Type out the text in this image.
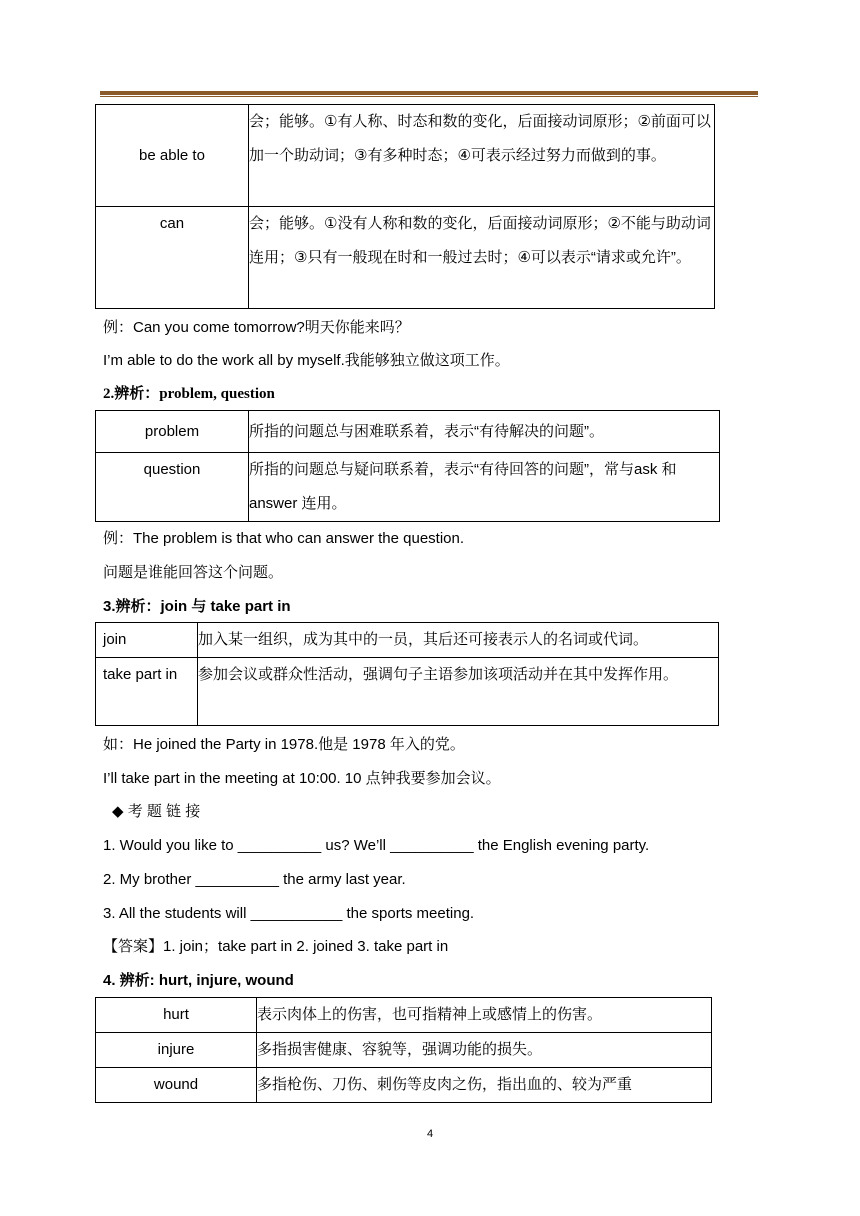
be able to	会；能够。①有人称、时态和数的变化，后面接动词原形；②前面可以加一个助动词；③有多种时态；④可表示经过努力而做到的事。
can	会；能够。①没有人称和数的变化，后面接动词原形；②不能与助动词连用；③只有一般现在时和一般过去时；④可以表示“请求或允许”。
例：Can you come tomorrow?明天你能来吗？
I’m able to do the work all by myself.我能够独立做这项工作。
2.辨析：problem, question
problem	所指的问题总与困难联系着，表示“有待解决的问题”。
question	所指的问题总与疑问联系着，表示“有待回答的问题”，常与ask 和 answer 连用。
例：The problem is that who can answer the question.
问题是谁能回答这个问题。
3.辨析：join 与 take part in
join	加入某一组织，成为其中的一员，其后还可接表示人的名词或代词。
take part in	参加会议或群众性活动，强调句子主语参加该项活动并在其中发挥作用。
如：He joined the Party in 1978.他是 1978 年入的党。
I’ll take part in the meeting at 10:00. 10 点钟我要参加会议。
◆ 考 题 链 接
1. Would you like to __________ us? We’ll __________ the English evening party.
2. My brother __________ the army last year.
3. All the students will ___________ the sports meeting.
【答案】1. join；take part in 2. joined 3. take part in
4. 辨析: hurt, injure, wound
hurt	表示肉体上的伤害，也可指精神上或感情上的伤害。
injure	多指损害健康、容貌等，强调功能的损失。
wound	多指枪伤、刀伤、刺伤等皮肉之伤，指出血的、较为严重
4
